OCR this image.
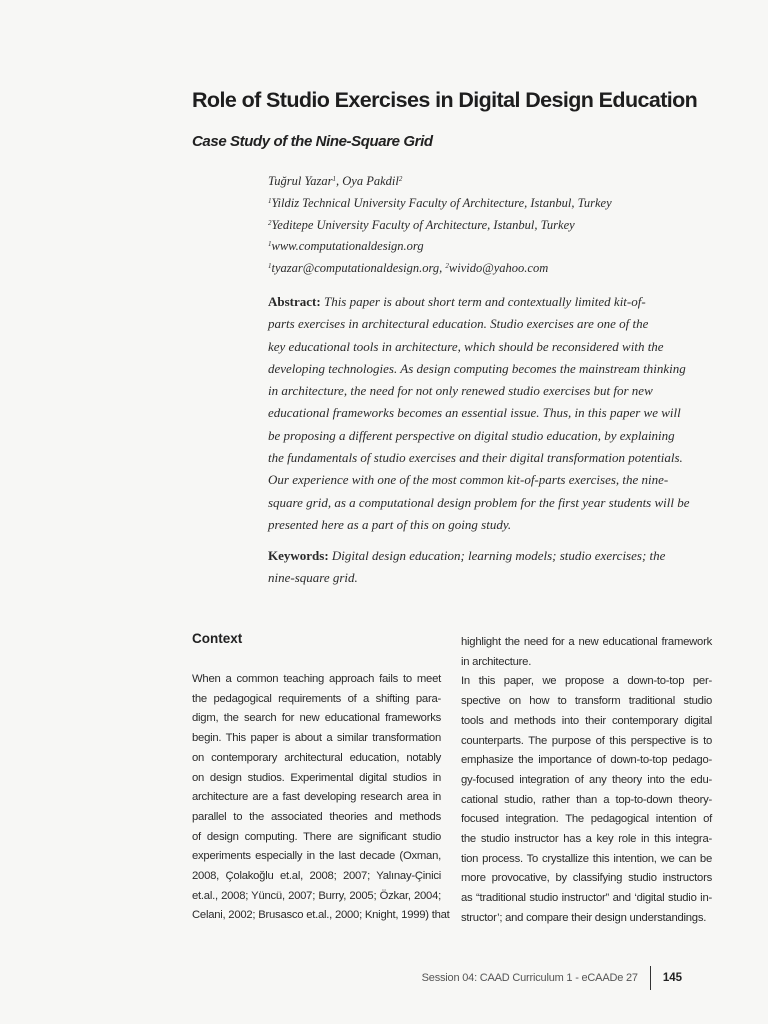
Role of Studio Exercises in Digital Design Education
Case Study of the Nine-Square Grid
Tuğrul Yazar$^1$, Oya Pakdil$^2$
$^1$Yildiz Technical University Faculty of Architecture, Istanbul, Turkey
$^2$Yeditepe University Faculty of Architecture, Istanbul, Turkey
$^1$www.computationaldesign.org
$^1$tyazar@computationaldesign.org, $^2$wivido@yahoo.com
Abstract: This paper is about short term and contextually limited kit-of-
parts exercises in architectural education. Studio exercises are one of the
key educational tools in architecture, which should be reconsidered with the
developing technologies. As design computing becomes the mainstream thinking
in architecture, the need for not only renewed studio exercises but for new
educational frameworks becomes an essential issue. Thus, in this paper we will
be proposing a different perspective on digital studio education, by explaining
the fundamentals of studio exercises and their digital transformation potentials.
Our experience with one of the most common kit-of-parts exercises, the nine-
square grid, as a computational design problem for the first year students will be
presented here as a part of this on going study.
Keywords: Digital design education; learning models; studio exercises; the
nine-square grid.
Context
When a common teaching approach fails to meet
the pedagogical requirements of a shifting para-
digm, the search for new educational frameworks
begin. This paper is about a similar transformation
on contemporary architectural education, notably
on design studios. Experimental digital studios in
architecture are a fast developing research area in
parallel to the associated theories and methods
of design computing. There are significant studio
experiments especially in the last decade (Oxman,
2008, Çolakoğlu et.al, 2008; 2007; Yalınay-Çinici
et.al., 2008; Yüncü, 2007; Burry, 2005; Özkar, 2004;
Celani, 2002; Brusasco et.al., 2000; Knight, 1999) that
highlight the need for a new educational framework
in architecture.
In this paper, we propose a down-to-top per-
spective on how to transform traditional studio
tools and methods into their contemporary digital
counterparts. The purpose of this perspective is to
emphasize the importance of down-to-top pedago-
gy-focused integration of any theory into the edu-
cational studio, rather than a top-to-down theory-
focused integration. The pedagogical intention of
the studio instructor has a key role in this integra-
tion process. To crystallize this intention, we can be
more provocative, by classifying studio instructors
as “traditional studio instructor” and ‘digital studio in-
structor’; and compare their design understandings.
Session 04: CAAD Curriculum 1 - eCAADe 27 145
